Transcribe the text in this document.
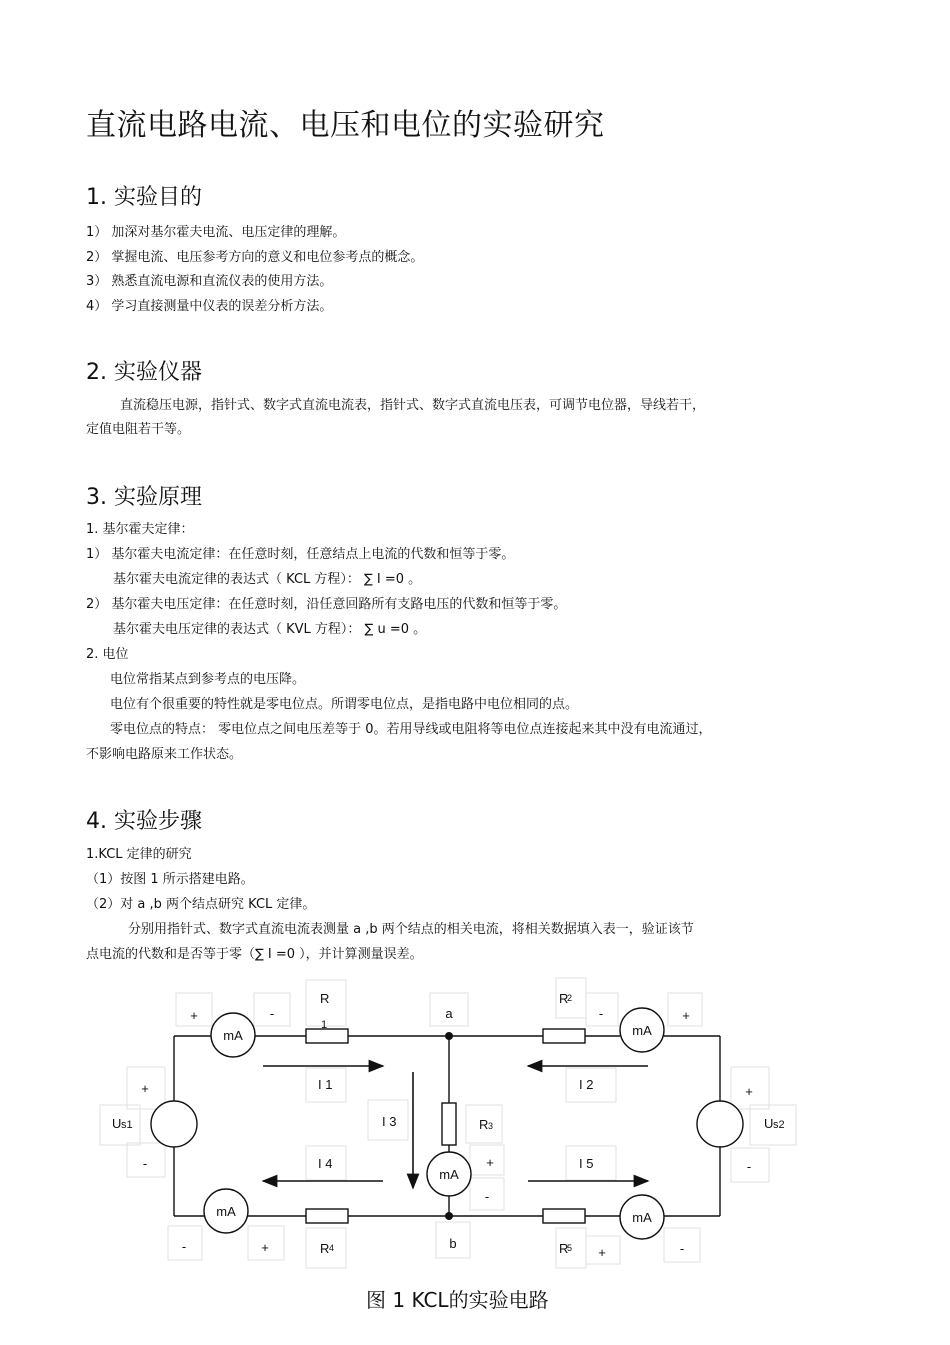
直流电路电流、电压和电位的实验研究
1. 实验目的
1） 加深对基尔霍夫电流、电压定律的理解。
2） 掌握电流、电压参考方向的意义和电位参考点的概念。
3） 熟悉直流电源和直流仪表的使用方法。
4） 学习直接测量中仪表的误差分析方法。
2. 实验仪器
直流稳压电源，指针式、数字式直流电流表，指针式、数字式直流电压表，可调节电位器，导线若干，
定值电阻若干等。
3. 实验原理
1. 基尔霍夫定律：
1） 基尔霍夫电流定律：在任意时刻，任意结点上电流的代数和恒等于零。
基尔霍夫电流定律的表达式（ KCL 方程）： ∑ I =0 。
2） 基尔霍夫电压定律：在任意时刻，沿任意回路所有支路电压的代数和恒等于零。
基尔霍夫电压定律的表达式（ KVL 方程）： ∑ u =0 。
2. 电位
电位常指某点到参考点的电压降。
电位有个很重要的特性就是零电位点。所谓零电位点，是指电路中电位相同的点。
零电位点的特点： 零电位点之间电压差等于 0。若用导线或电阻将等电位点连接起来其中没有电流通过，
不影响电路原来工作状态。
4. 实验步骤
1.KCL 定律的研究
（1）按图 1 所示搭建电路。
（2）对 a ,b 两个结点研究 KCL 定律。
分别用指针式、数字式直流电流表测量 a ,b 两个结点的相关电流，将相关数据填入表一，验证该节
点电流的代数和是否等于零（∑ I =0 ），并计算测量误差。
mA	mA
mA
mA	mA
+	-	-	+
+
-
+
-
+
-
-	+	+	-
a
b
R
1
R
2
R 3
R 4	R
5
I 1	I 2
I 3
I 4	I 5
U s1	U s2
图 1 KCL的实验电路
